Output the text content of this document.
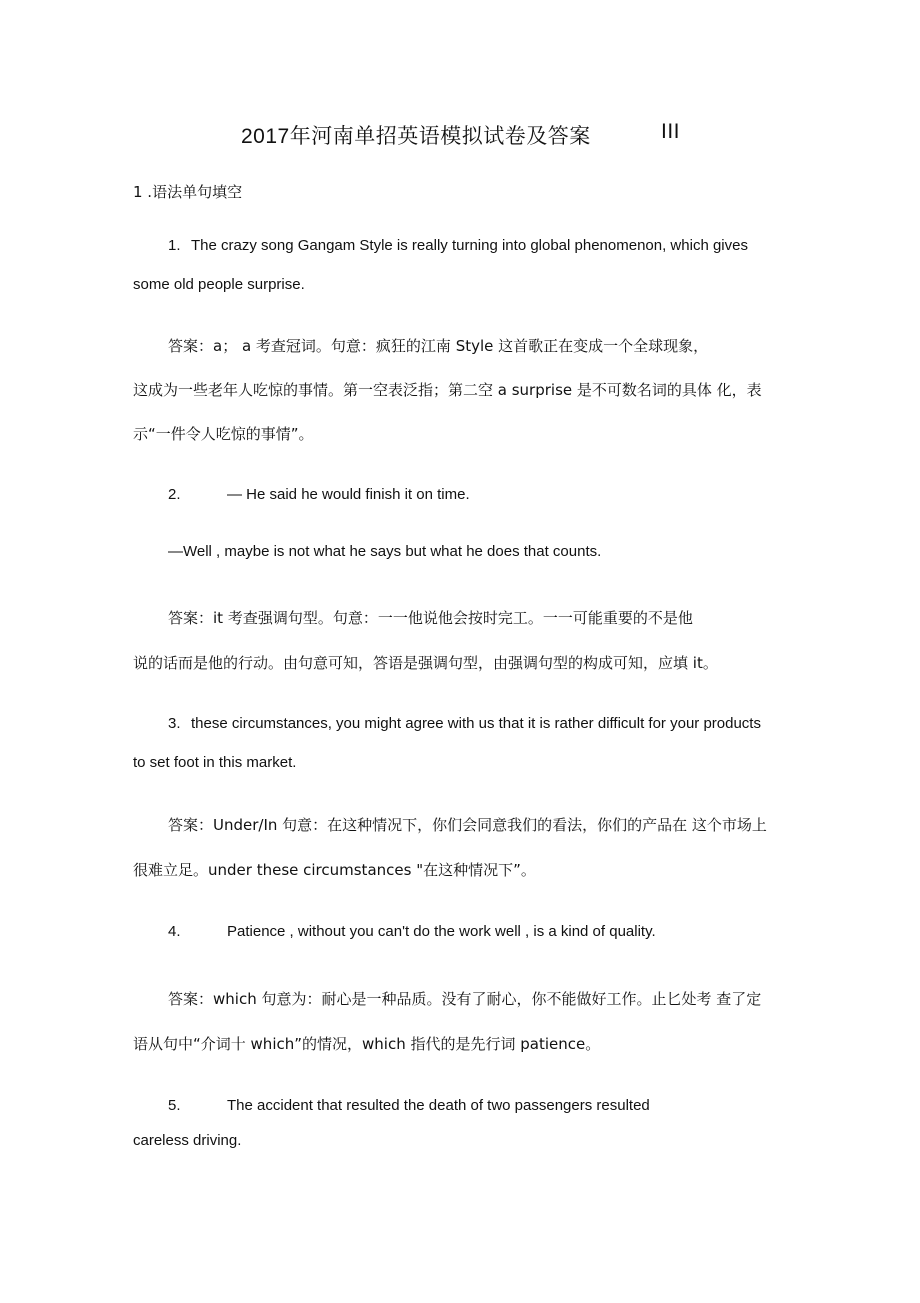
2017年河南单招英语模拟试卷及答案	III
1 .语法单句填空
1. The crazy song Gangam Style is really turning into global phenomenon, which gives
some old people surprise.
答案：a； a 考查冠词。句意：疯狂的江南 Style 这首歌正在变成一个全球现象，
这成为一些老年人吃惊的事情。第一空表泛指；第二空 a surprise 是不可数名词的具体 化，表
示“一件令人吃惊的事情”。
2.	— He said he would finish it on time.
—Well , maybe is not what he says but what he does that counts.
答案：it 考查强调句型。句意：一一他说他会按时完工。一一可能重要的不是他
说的话而是他的行动。由句意可知，答语是强调句型，由强调句型的构成可知，应填 it。
3. these circumstances, you might agree with us that it is rather difficult for your products
to set foot in this market.
答案：Under/In 句意：在这种情况下，你们会同意我们的看法，你们的产品在 这个市场上
很难立足。under these circumstances "在这种情况下”。
4.	Patience , without you can't do the work well , is a kind of quality.
答案：which 句意为：耐心是一种品质。没有了耐心，你不能做好工作。止匕处考 查了定
语从句中“介词十 which”的情况，which 指代的是先行词 patience。
5.	The accident that resulted the death of two passengers resulted
careless driving.
